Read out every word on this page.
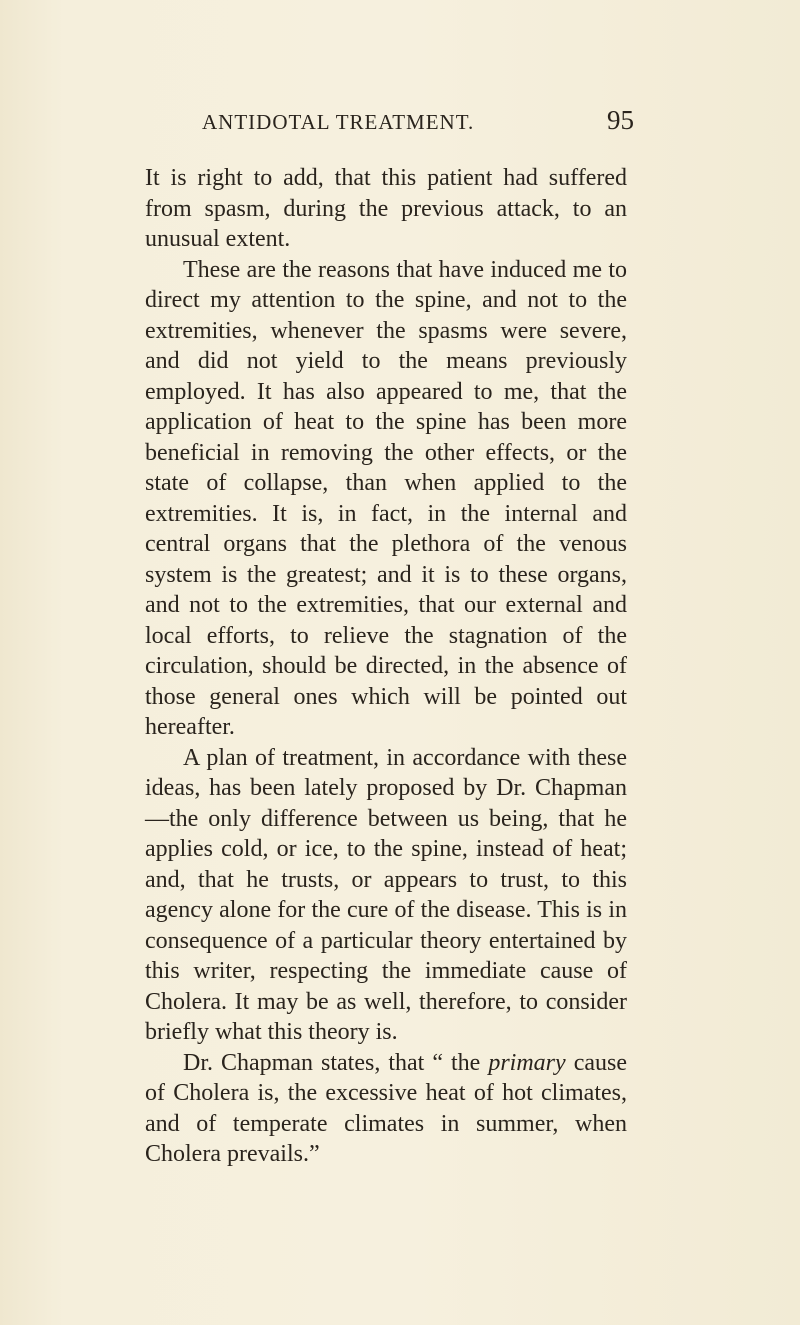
ANTIDOTAL TREATMENT.	95

It is right to add, that this patient had suffered from spasm, during the previous attack, to an unusual extent.

These are the reasons that have induced me to direct my attention to the spine, and not to the extremities, whenever the spasms were severe, and did not yield to the means previously employed. It has also appeared to me, that the application of heat to the spine has been more beneficial in removing the other effects, or the state of collapse, than when applied to the extremities. It is, in fact, in the internal and central organs that the plethora of the venous system is the greatest; and it is to these organs, and not to the extremities, that our external and local efforts, to relieve the stagnation of the circulation, should be directed, in the absence of those general ones which will be pointed out hereafter.

A plan of treatment, in accordance with these ideas, has been lately proposed by Dr. Chapman—the only difference between us being, that he applies cold, or ice, to the spine, instead of heat; and, that he trusts, or appears to trust, to this agency alone for the cure of the disease. This is in consequence of a particular theory entertained by this writer, respecting the immediate cause of Cholera. It may be as well, therefore, to consider briefly what this theory is.

Dr. Chapman states, that “ the primary cause of Cholera is, the excessive heat of hot climates, and of temperate climates in summer, when Cholera prevails.”
